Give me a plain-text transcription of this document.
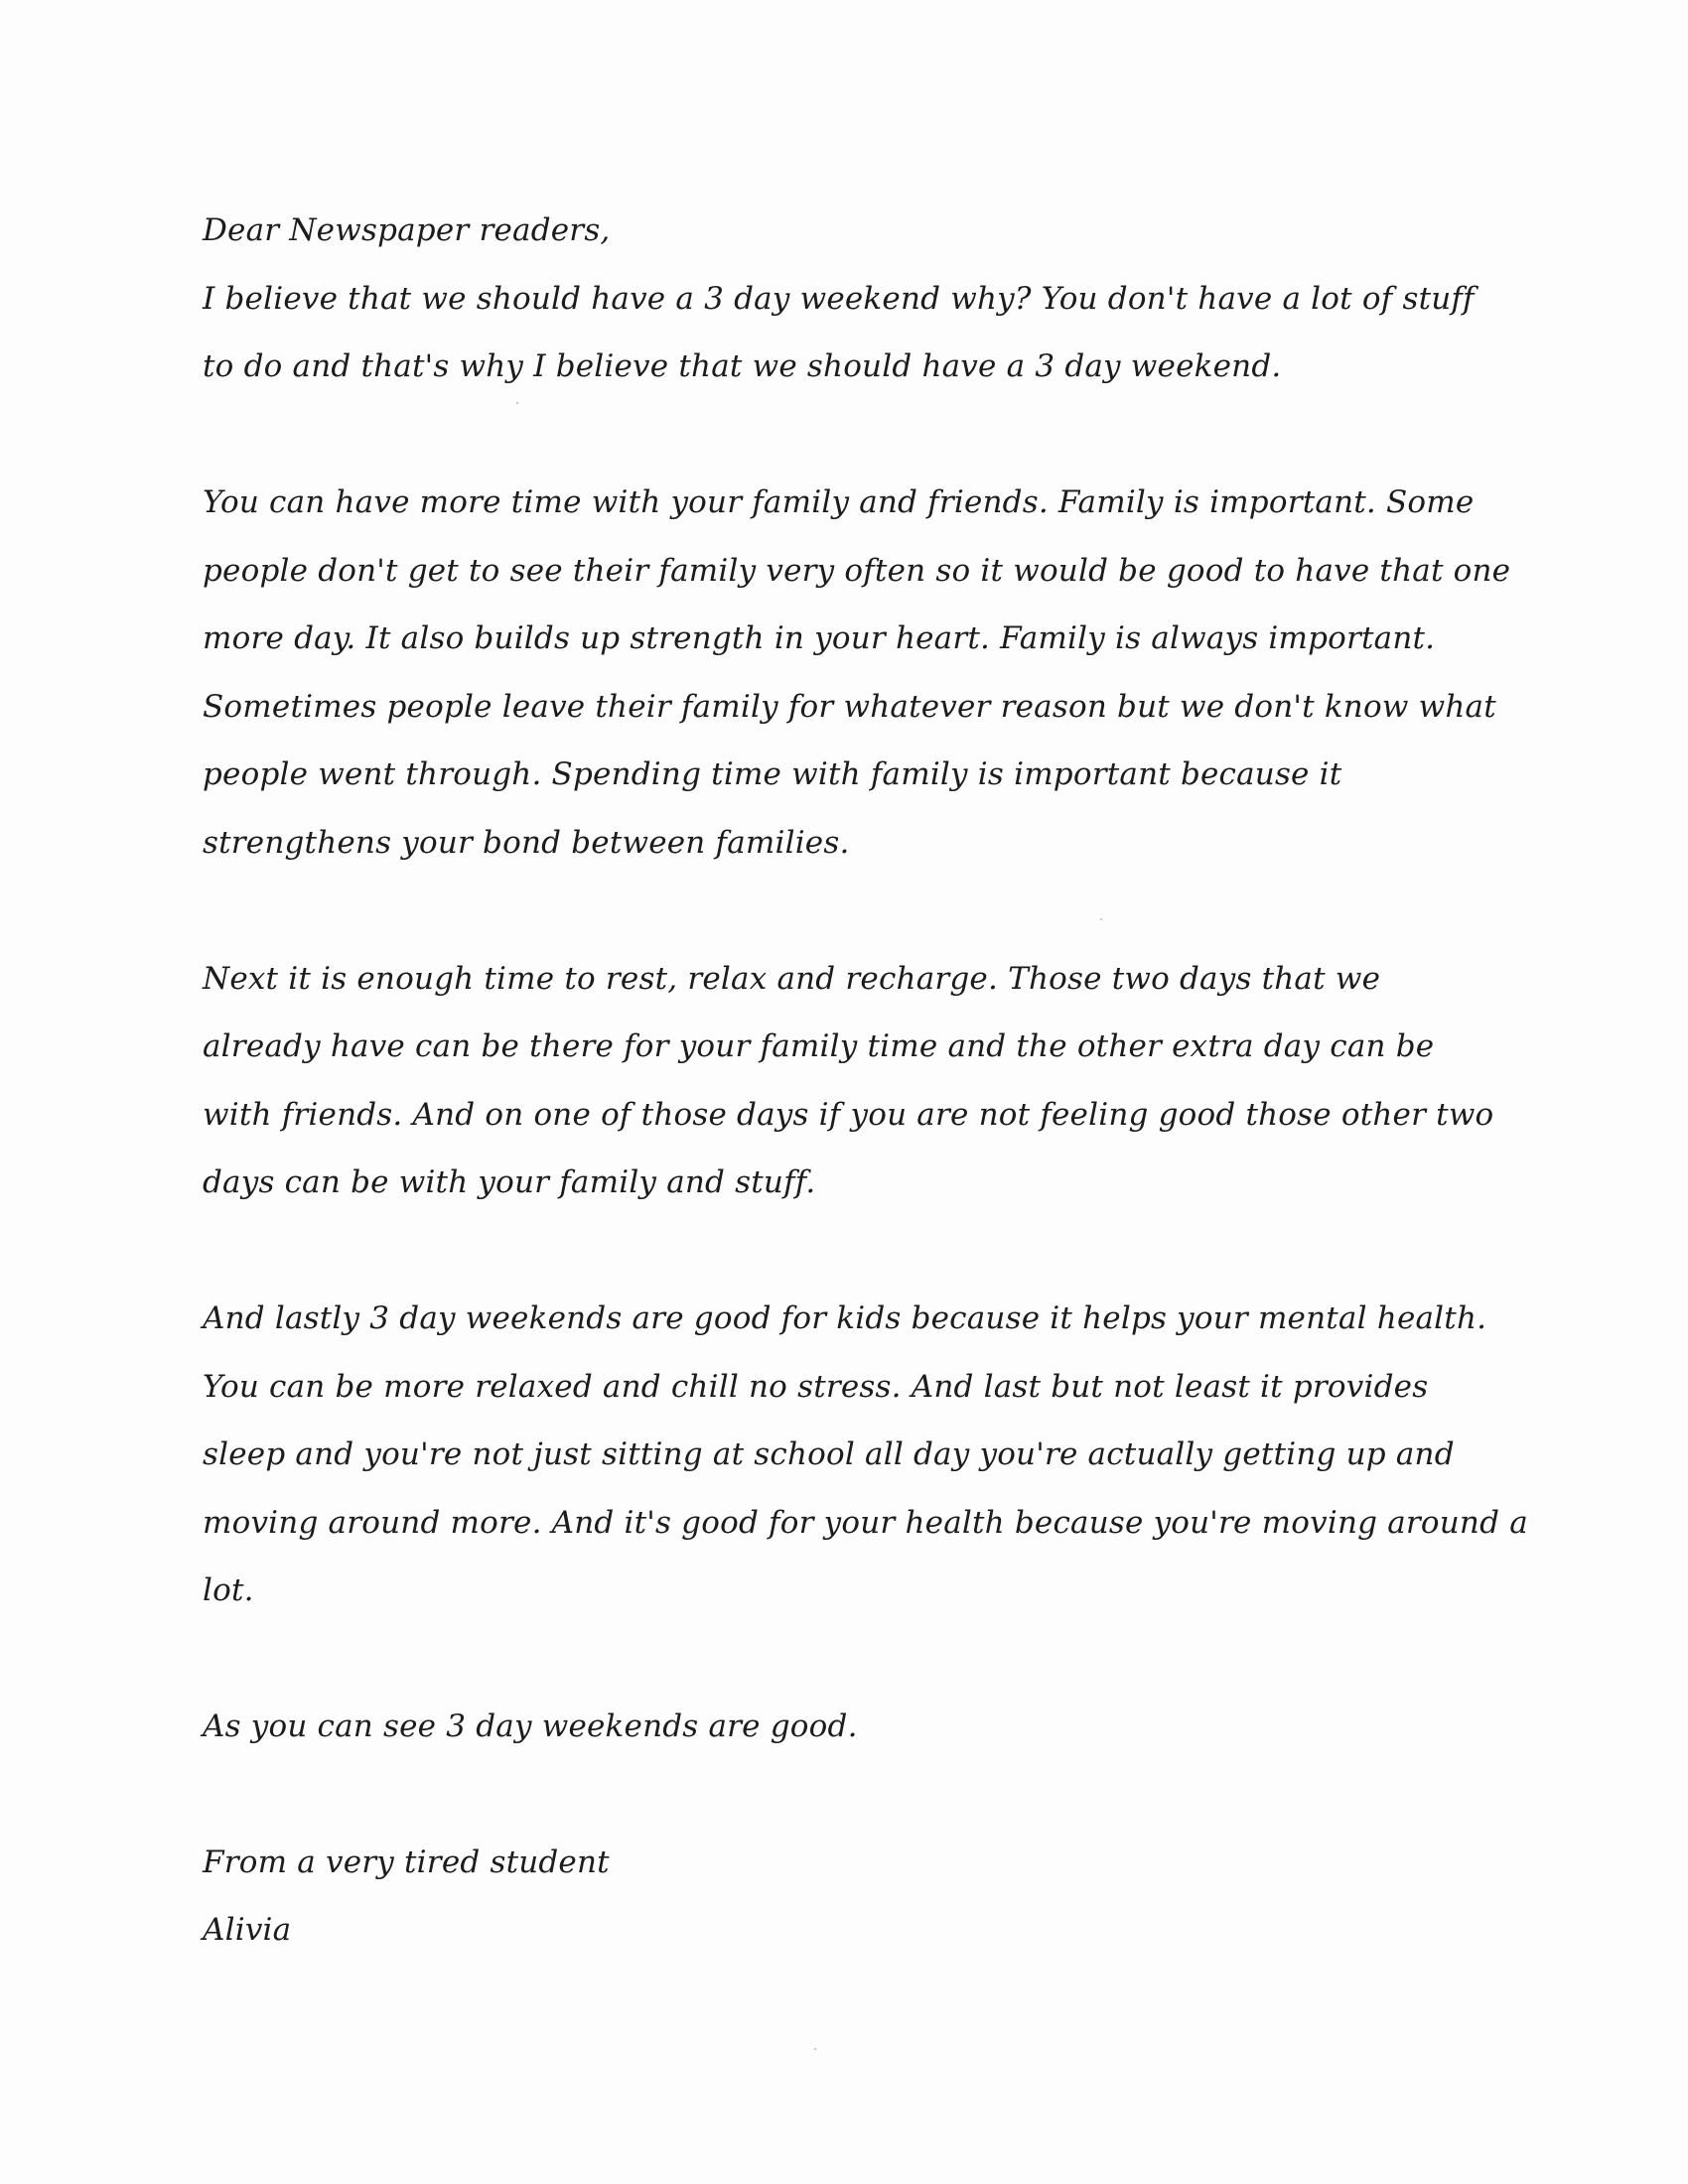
Dear Newspaper readers,
I believe that we should have a 3 day weekend why? You don't have a lot of stuff
to do and that's why I believe that we should have a 3 day weekend.
You can have more time with your family and friends. Family is important. Some
people don't get to see their family very often so it would be good to have that one
more day. It also builds up strength in your heart. Family is always important.
Sometimes people leave their family for whatever reason but we don't know what
people went through. Spending time with family is important because it
strengthens your bond between families.
Next it is enough time to rest, relax and recharge. Those two days that we
already have can be there for your family time and the other extra day can be
with friends. And on one of those days if you are not feeling good those other two
days can be with your family and stuff.
And lastly 3 day weekends are good for kids because it helps your mental health.
You can be more relaxed and chill no stress. And last but not least it provides
sleep and you're not just sitting at school all day you're actually getting up and
moving around more. And it's good for your health because you're moving around a
lot.
As you can see 3 day weekends are good.
From a very tired student
Alivia
